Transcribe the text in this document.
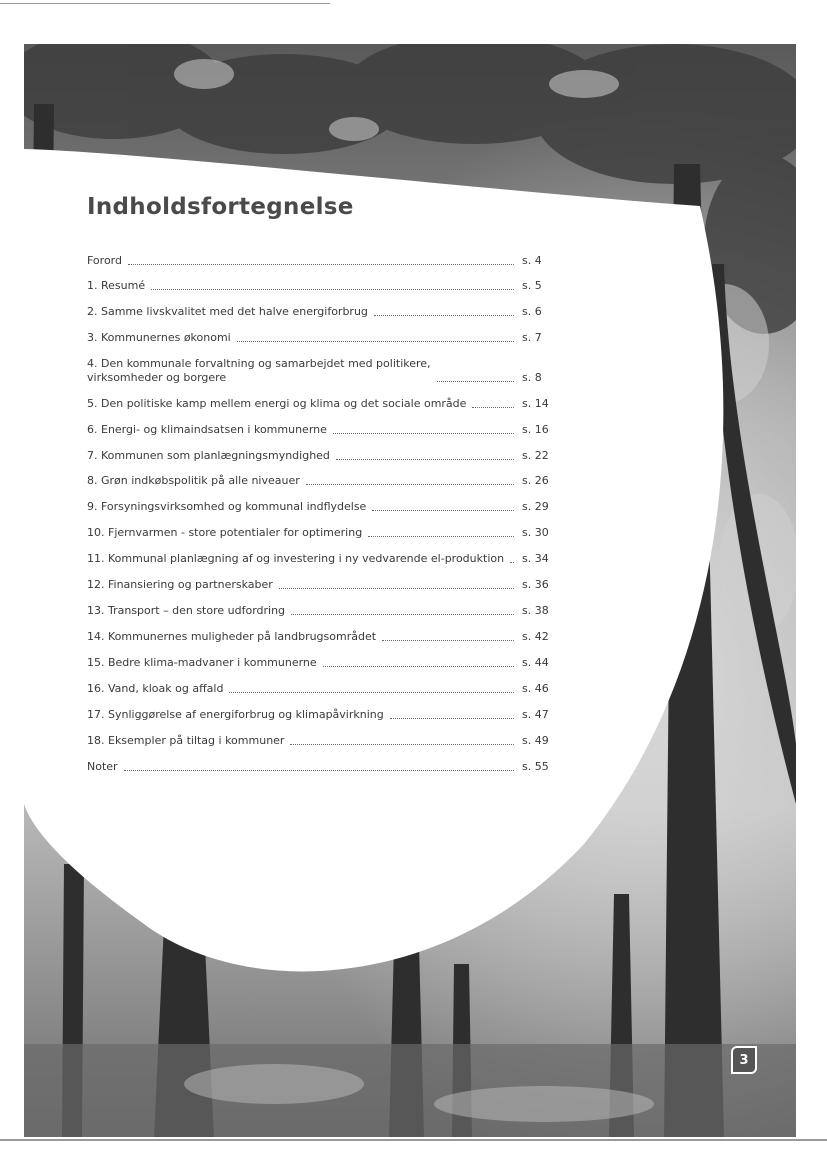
Indholdsfortegnelse
Forord	s. 4
1. Resumé	s. 5
2. Samme livskvalitet med det halve energiforbrug	s. 6
3. Kommunernes økonomi	s. 7
4. Den kommunale forvaltning og samarbejdet med politikere,
virksomheder og borgere	s. 8
5. Den politiske kamp mellem energi og klima og det sociale område	s. 14
6. Energi- og klimaindsatsen i kommunerne	s. 16
7. Kommunen som planlægningsmyndighed	s. 22
8. Grøn indkøbspolitik på alle niveauer	s. 26
9. Forsyningsvirksomhed og kommunal indflydelse	s. 29
10. Fjernvarmen - store potentialer for optimering	s. 30
11. Kommunal planlægning af og investering i ny vedvarende el-produktion s. 34
12. Finansiering og partnerskaber	s. 36
13. Transport – den store udfordring	s. 38
14. Kommunernes muligheder på landbrugsområdet	s. 42
15. Bedre klima-madvaner i kommunerne	s. 44
16. Vand, kloak og affald	s. 46
17. Synliggørelse af energiforbrug og klimapåvirkning	s. 47
18. Eksempler på tiltag i kommuner	s. 49
Noter	s. 55
3
